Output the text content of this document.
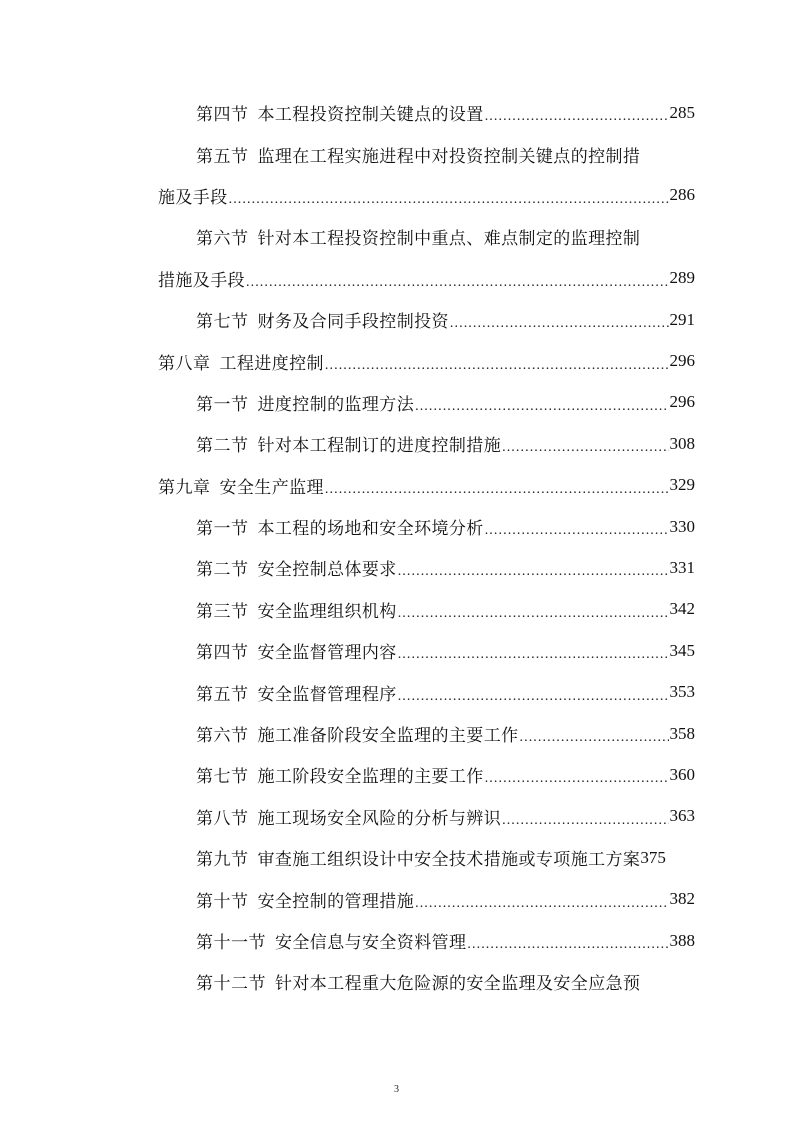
第四节 本工程投资控制关键点的设置 .....	285
第五节 监理在工程实施进程中对投资控制关键点的控制措
施及手段 .....	286
第六节 针对本工程投资控制中重点、难点制定的监理控制
措施及手段 .....	289
第七节 财务及合同手段控制投资 .....	291
第八章 工程进度控制 .....	296
第一节 进度控制的监理方法 .....	296
第二节 针对本工程制订的进度控制措施 .....	308
第九章 安全生产监理 .....	329
第一节 本工程的场地和安全环境分析 .....	330
第二节 安全控制总体要求 .....	331
第三节 安全监理组织机构 .....	342
第四节 安全监督管理内容 .....	345
第五节 安全监督管理程序 .....	353
第六节 施工准备阶段安全监理的主要工作 .....	358
第七节 施工阶段安全监理的主要工作 .....	360
第八节 施工现场安全风险的分析与辨识 .....	363
第九节 审查施工组织设计中安全技术措施或专项施工方案 375
第十节 安全控制的管理措施 .....	382
第十一节 安全信息与安全资料管理 .....	388
第十二节 针对本工程重大危险源的安全监理及安全应急预
3
